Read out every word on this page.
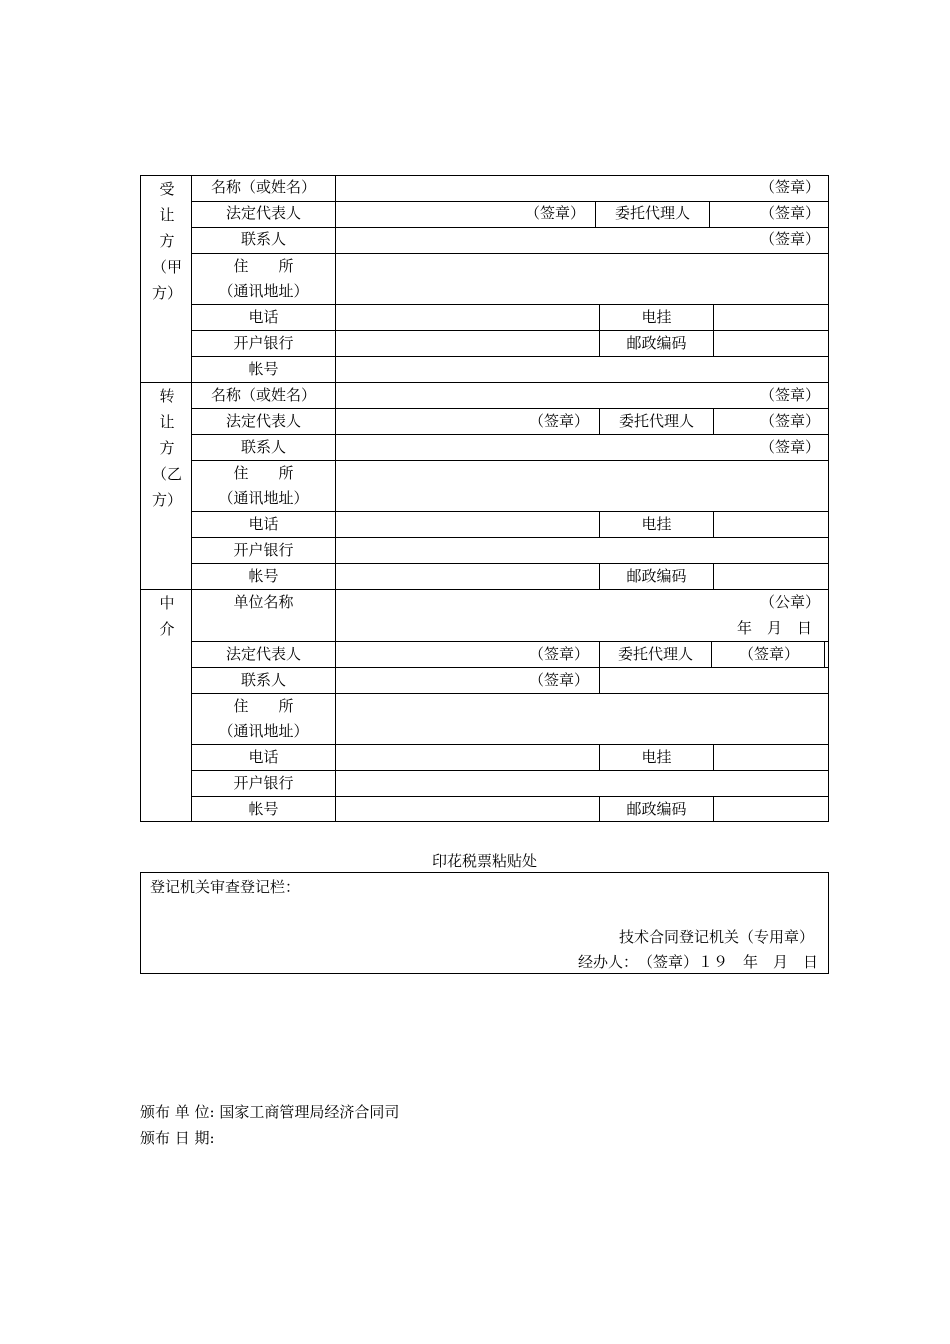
受
让
方
（甲
方）
名称（或姓名）	（签章）
法定代表人	（签章）	委托代理人	（签章）
联系人	（签章）
住　　所
（通讯地址）
电话	电挂
开户银行	邮政编码
帐号
转
让
方
（乙
方）
名称（或姓名）	（签章）
法定代表人	（签章）	委托代理人	（签章）
联系人	（签章）
住　　所
（通讯地址）
电话	电挂
开户银行
帐号	邮政编码
中
介
单位名称	（公章）
年　月　日
法定代表人	（签章）	委托代理人	（签章）
联系人	（签章）
住　　所
（通讯地址）
电话	电挂
开户银行
帐号	邮政编码
印花税票粘贴处
登记机关审查登记栏：
技术合同登记机关（专用章）
经办人：　（签章）１９　年　月　日
颁布 单 位: 国家工商管理局经济合同司
颁布 日 期:
